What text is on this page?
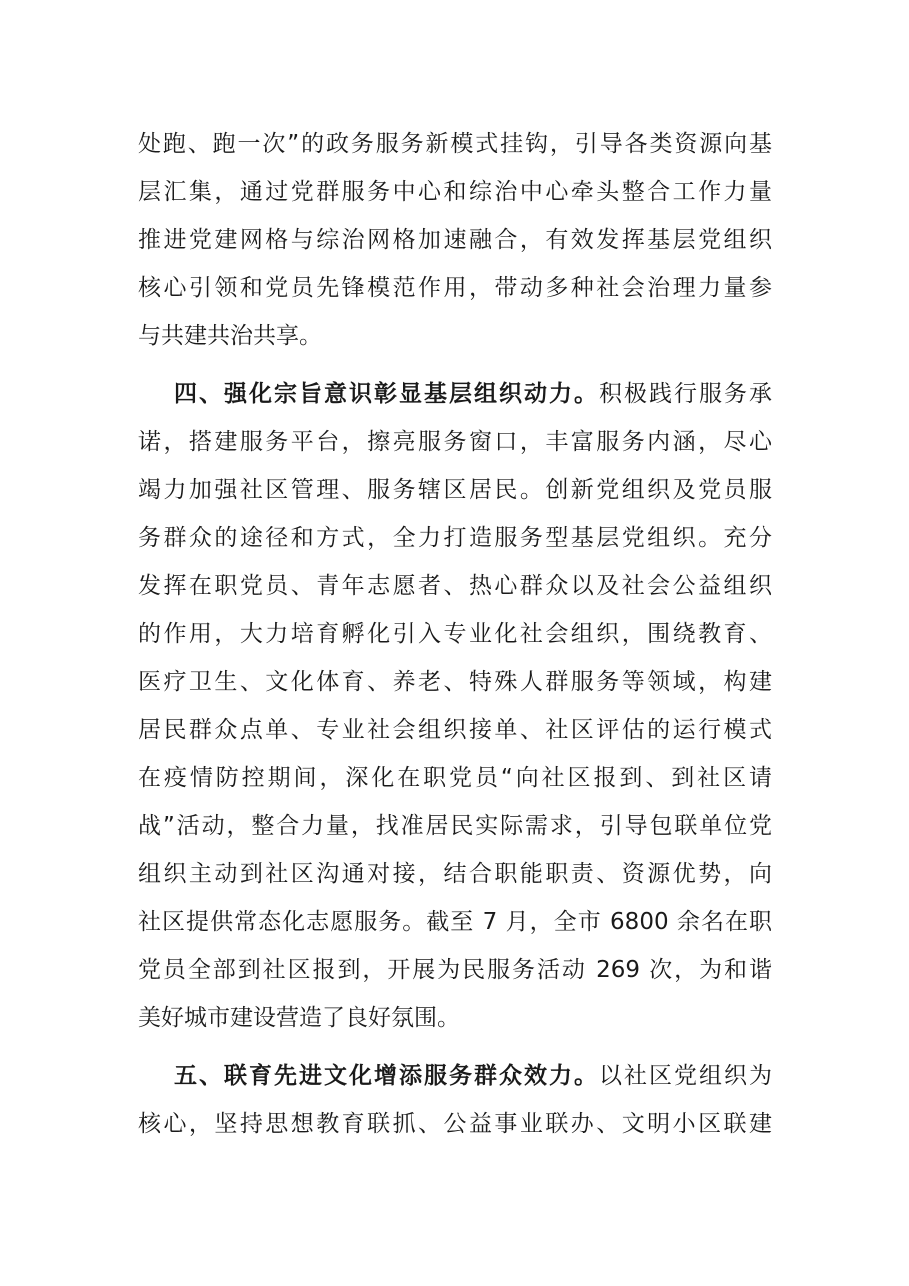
处跑、跑一次”的政务服务新模式挂钩，引导各类资源向基
层汇集，通过党群服务中心和综治中心牵头整合工作力量
推进党建网格与综治网格加速融合，有效发挥基层党组织
核心引领和党员先锋模范作用，带动多种社会治理力量参
与共建共治共享。
四、强化宗旨意识彰显基层组织动力。积极践行服务承
诺，搭建服务平台，擦亮服务窗口，丰富服务内涵，尽心
竭力加强社区管理、服务辖区居民。创新党组织及党员服
务群众的途径和方式，全力打造服务型基层党组织。充分
发挥在职党员、青年志愿者、热心群众以及社会公益组织
的作用，大力培育孵化引入专业化社会组织，围绕教育、
医疗卫生、文化体育、养老、特殊人群服务等领域，构建
居民群众点单、专业社会组织接单、社区评估的运行模式
在疫情防控期间，深化在职党员“向社区报到、到社区请
战”活动，整合力量，找准居民实际需求，引导包联单位党
组织主动到社区沟通对接，结合职能职责、资源优势，向
社区提供常态化志愿服务。截至 7 月，全市 6800 余名在职
党员全部到社区报到，开展为民服务活动 269 次，为和谐
美好城市建设营造了良好氛围。
五、联育先进文化增添服务群众效力。以社区党组织为
核心，坚持思想教育联抓、公益事业联办、文明小区联建
